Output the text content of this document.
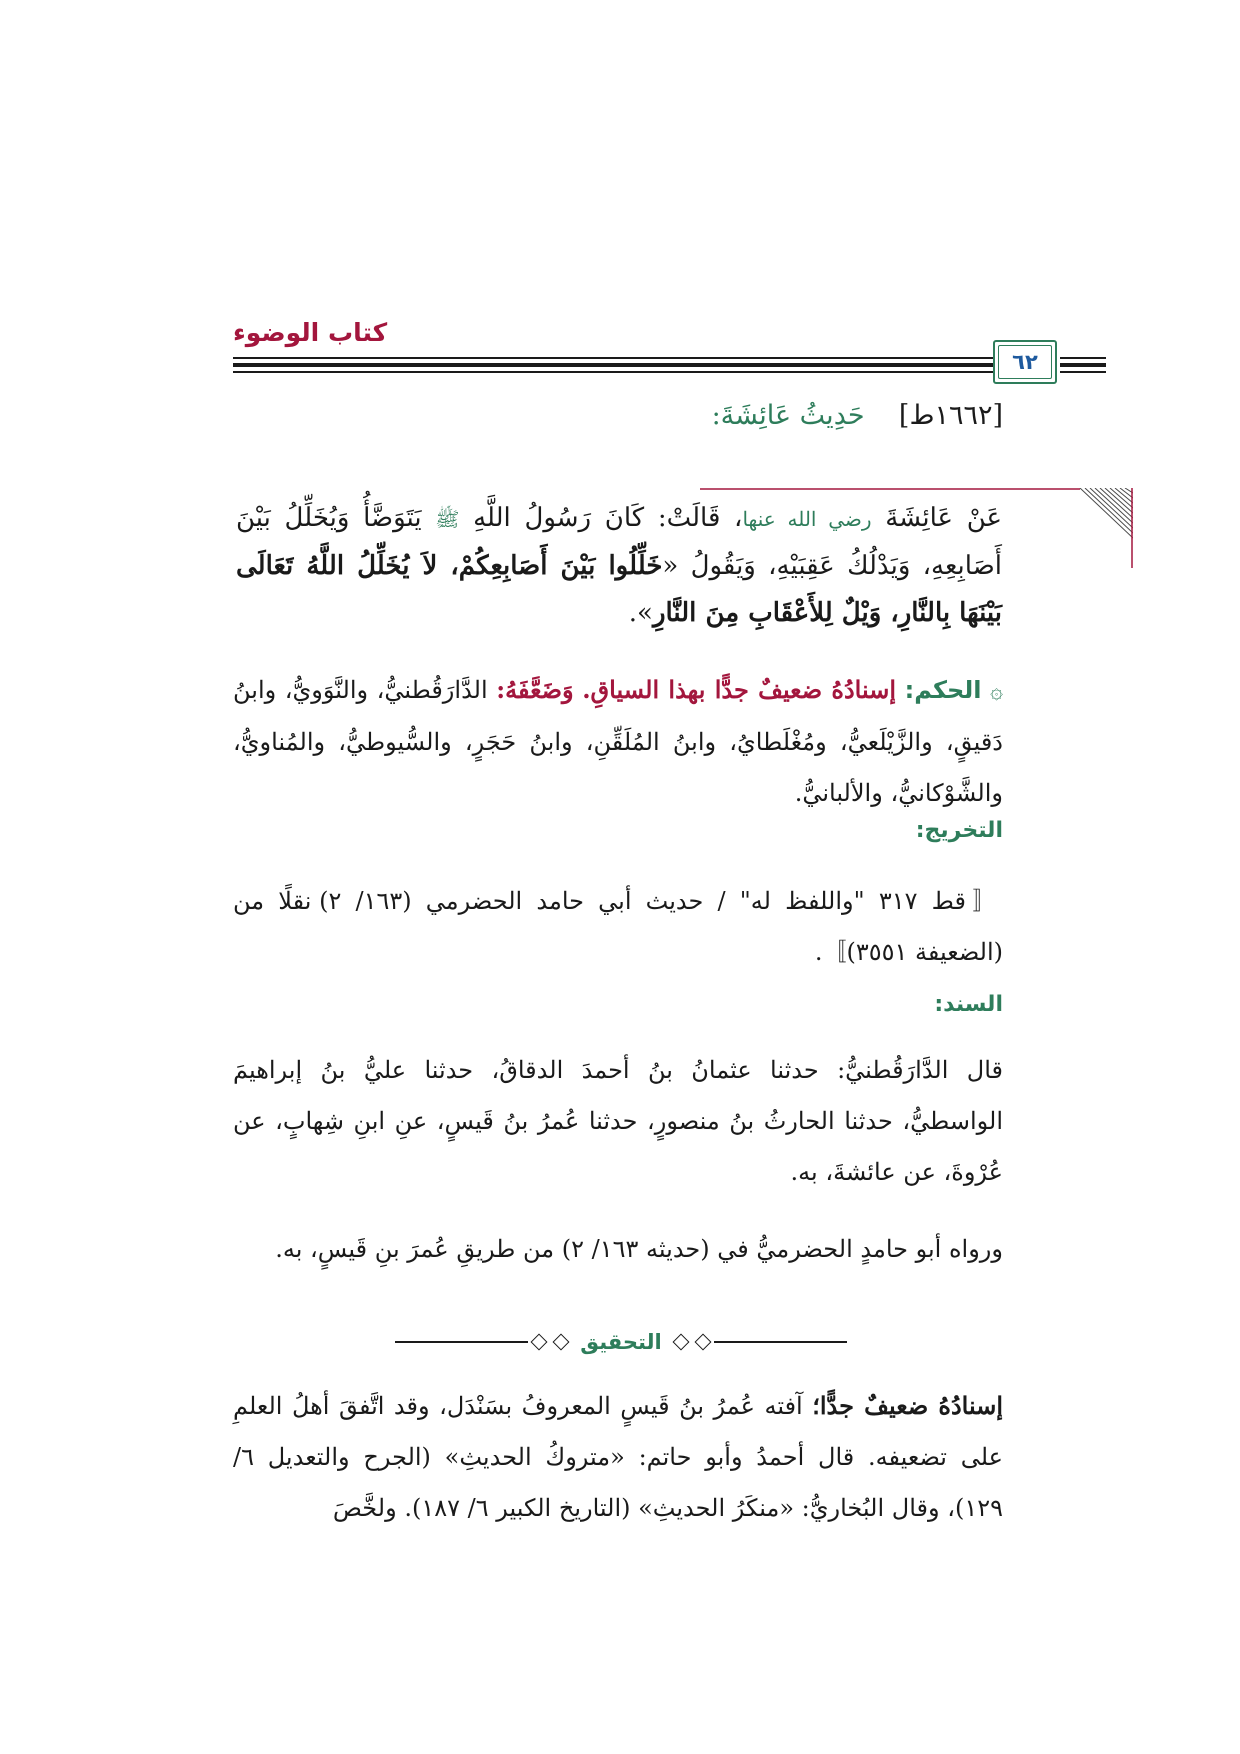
كتاب الوضوء
٦٢
[١٦٦٢ط]    حَدِيثُ عَائِشَةَ:
عَنْ عَائِشَةَ رضي الله عنها، قَالَتْ: كَانَ رَسُولُ اللَّهِ ﷺ يَتَوَضَّأُ وَيُخَلِّلُ بَيْنَ أَصَابِعِهِ، وَيَدْلُكُ عَقِبَيْهِ، وَيَقُولُ «خَلِّلُوا بَيْنَ أَصَابِعِكُمْ، لاَ يُخَلِّلُ اللَّهُ تَعَالَى بَيْنَهَا بِالنَّارِ، وَيْلٌ لِلأَعْقَابِ مِنَ النَّارِ».
۞ الحكم: إسنادُهُ ضعيفٌ جدًّا بهذا السياقِ. وَضَعَّفَهُ: الدَّارَقُطنيُّ، والنَّوَويُّ، وابنُ دَقيقٍ، والزَّيْلَعيُّ، ومُغْلَطايُ، وابنُ المُلَقِّنِ، وابنُ حَجَرٍ، والسُّيوطيُّ، والمُناويُّ، والشَّوْكانيُّ، والألبانيُّ.
التخريج:
〚قط ٣١٧ "واللفظ له" / حديث أبي حامد الحضرمي (١٦٣/ ٢) نقلًا من (الضعيفة ٣٥٥١)〛.
السند:
قال الدَّارَقُطنيُّ: حدثنا عثمانُ بنُ أحمدَ الدقاقُ، حدثنا عليُّ بنُ إبراهيمَ الواسطيُّ، حدثنا الحارثُ بنُ منصورٍ، حدثنا عُمرُ بنُ قَيسٍ، عنِ ابنِ شِهابٍ، عن عُرْوةَ، عن عائشةَ، به.
ورواه أبو حامدٍ الحضرميُّ في (حديثه ١٦٣/ ٢) من طريقِ عُمرَ بنِ قَيسٍ، به.
التحقيق
إسنادُهُ ضعيفٌ جدًّا؛ آفته عُمرُ بنُ قَيسٍ المعروفُ بسَنْدَل، وقد اتَّفقَ أهلُ العلمِ على تضعيفه. قال أحمدُ وأبو حاتم: «متروكُ الحديثِ» (الجرح والتعديل ٦/ ١٢٩)، وقال البُخاريُّ: «منكَرُ الحديثِ» (التاريخ الكبير ٦/ ١٨٧). ولخَّصَ
